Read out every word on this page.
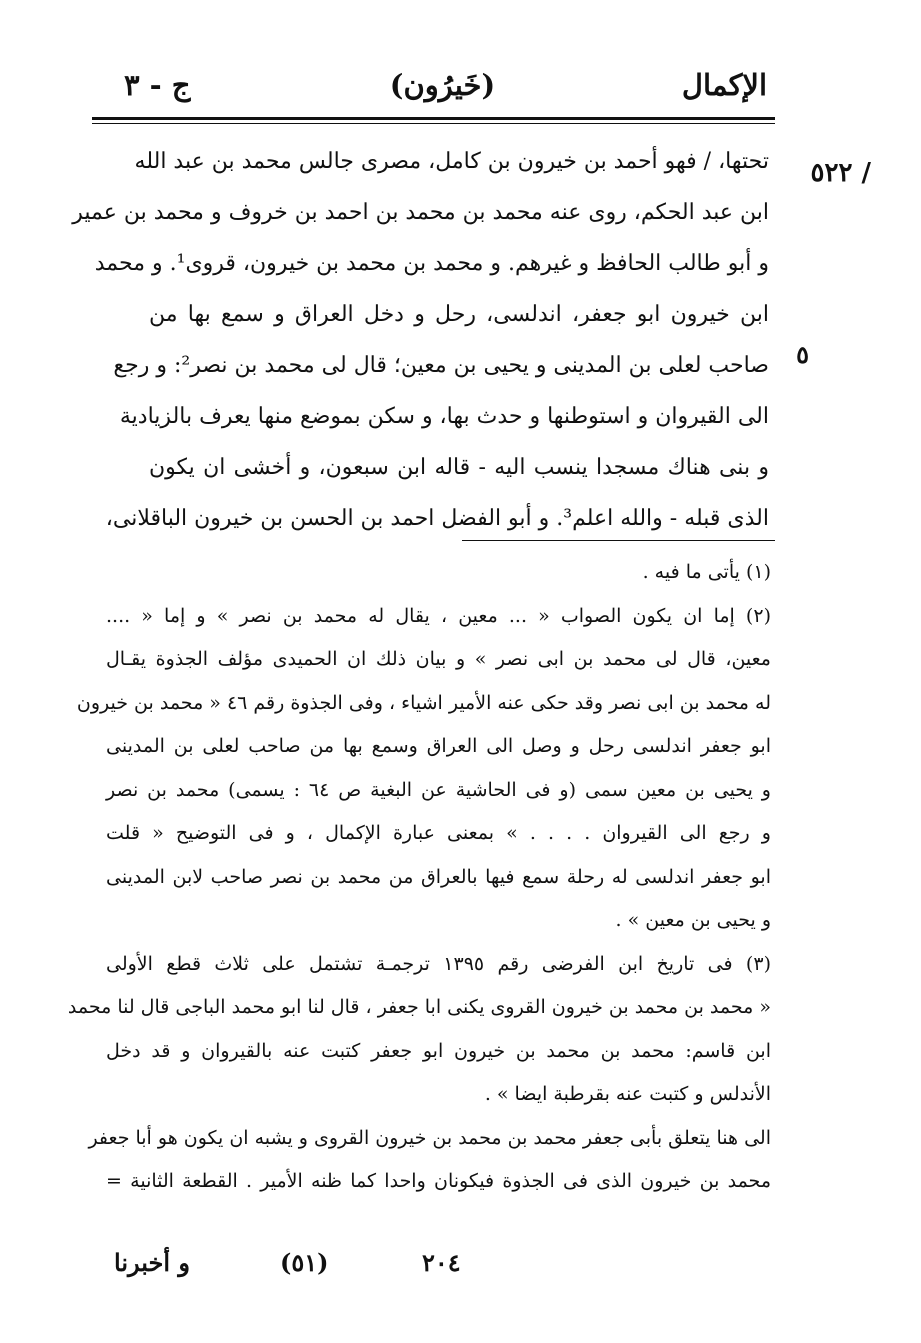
الإكمال
(خَيرُون)
ج - ٣
/ ٥٢٢
٥
تحتها، / فهو أحمد بن خيرون بن كامل، مصرى جالس محمد بن عبد الله
ابن عبد الحكم، روى عنه محمد بن محمد بن احمد بن خروف و محمد بن عمير
و أبو طالب الحافظ و غيرهم. و محمد بن محمد بن خيرون، قروى¹. و محمد
ابن خيرون ابو جعفر، اندلسى، رحل و دخل العراق و سمع بها من
صاحب لعلى بن المدينى و يحيى بن معين؛ قال لى محمد بن نصر²: و رجع
الى القيروان و استوطنها و حدث بها، و سكن بموضع منها يعرف بالزيادية
و بنى هناك مسجدا ينسب اليه - قاله ابن سبعون، و أخشى ان يكون
الذى قبله - والله اعلم³. و أبو الفضل احمد بن الحسن بن خيرون الباقلانى،
(١) يأتى ما فيه .
(٢) إما ان يكون الصواب « ... معين ، يقال له محمد بن نصر » و إما « ....
معين، قال لى محمد بن ابى نصر » و بيان ذلك ان الحميدى مؤلف الجذوة يقـال
له محمد بن ابى نصر وقد حكى عنه الأمير اشياء ، وفى الجذوة رقم ٤٦ « محمد بن خيرون
ابو جعفر اندلسى رحل و وصل الى العراق وسمع بها من صاحب لعلى بن المدينى
و يحيى بن معين سمى (و فى الحاشية عن البغية ص ٦٤ : يسمى) محمد بن نصر
و رجع الى القيروان . . . . » بمعنى عبارة الإكمال ، و فى التوضيح « قلت
ابو جعفر اندلسى له رحلة سمع فيها بالعراق من محمد بن نصر صاحب لابن المدينى
و يحيى بن معين » .
(٣) فى تاريخ ابن الفرضى رقم ١٣٩٥ ترجمـة تشتمل على ثلاث قطع الأولى
« محمد بن محمد بن خيرون القروى يكنى ابا جعفر ، قال لنا ابو محمد الباجى قال لنا محمد
ابن قاسم: محمد بن محمد بن خيرون ابو جعفر كتبت عنه بالقيروان و قد دخل
الأندلس و كتبت عنه بقرطبة ايضا » .
الى هنا يتعلق بأبى جعفر محمد بن محمد بن خيرون القروى و يشبه ان يكون هو أبا جعفر
محمد بن خيرون الذى فى الجذوة فيكونان واحدا كما ظنه الأمير . القطعة الثانية =
و أخبرنا	(٥١)	٢٠٤
